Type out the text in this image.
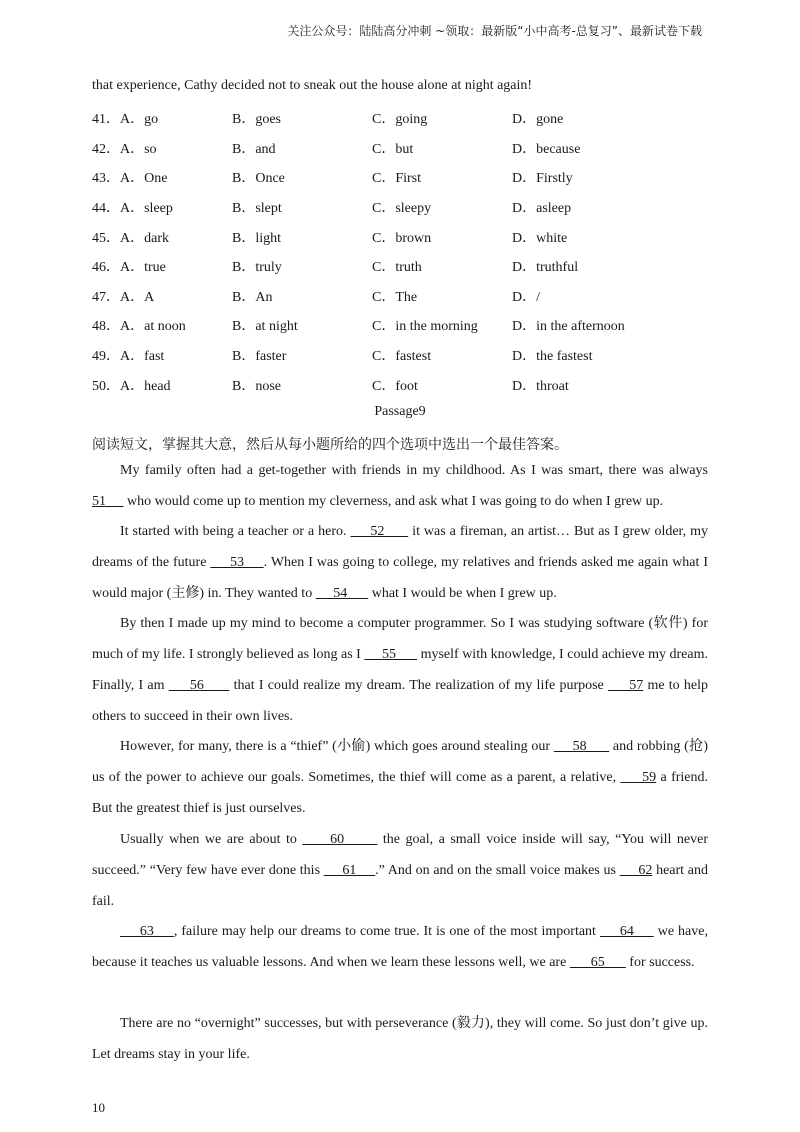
关注公众号：陆陆高分冲刺 ~领取：最新版“小中高考-总复习”、最新试卷下载
that experience, Cathy decided not to sneak out the house alone at night again!
41．A．go	B．goes	C．going	D．gone
42．A．so	B．and	C．but	D．because
43．A．One	B．Once	C．First	D．Firstly
44．A．sleep	B．slept	C．sleepy	D．asleep
45．A．dark	B．light	C．brown	D．white
46．A．true	B．truly	C．truth	D．truthful
47．A．A	B．An	C．The	D．/
48．A．at noon	B．at night	C．in the morning D．in the afternoon
49．A．fast	B．faster	C．fastest	D．the fastest
50．A．head	B．nose	C．foot	D．throat
Passage9
阅读短文，掌握其大意，然后从每小题所给的四个选项中选出一个最佳答案。
My family often had a get-together with friends in my childhood. As I was smart, there was always 51      who would come up to mention my cleverness, and ask what I was going to do when I grew up.
It started with being a teacher or a hero.      52       it was a fireman, an artist… But as I grew older, my dreams of the future      53     . When I was going to college, my relatives and friends asked me again what I would major (主修) in. They wanted to      54       what I would be when I grew up.
By then I made up my mind to become a computer programmer. So I was studying software (软件) for much of my life. I strongly believed as long as I      55       myself with knowledge, I could achieve my dream. Finally, I am      56       that I could realize my dream. The realization of my life purpose      57 me to help others to succeed in their own lives.
However, for many, there is a “thief” (小偷) which goes around stealing our      58       and robbing (抢) us of the power to achieve our goals. Sometimes, the thief will come as a parent, a relative,      59 a friend. But the greatest thief is just ourselves.
Usually when we are about to      60       the goal, a small voice inside will say, “You will never succeed.” “Very few have ever done this      61     .” And on and on the small voice makes us      62 heart and fail.
63     , failure may help our dreams to come true. It is one of the most important      64      we have, because it teaches us valuable lessons. And when we learn these lessons well, we are       65       for success.
There are no “overnight” successes, but with perseverance (毅力), they will come. So just don’t give up. Let dreams stay in your life.
10
